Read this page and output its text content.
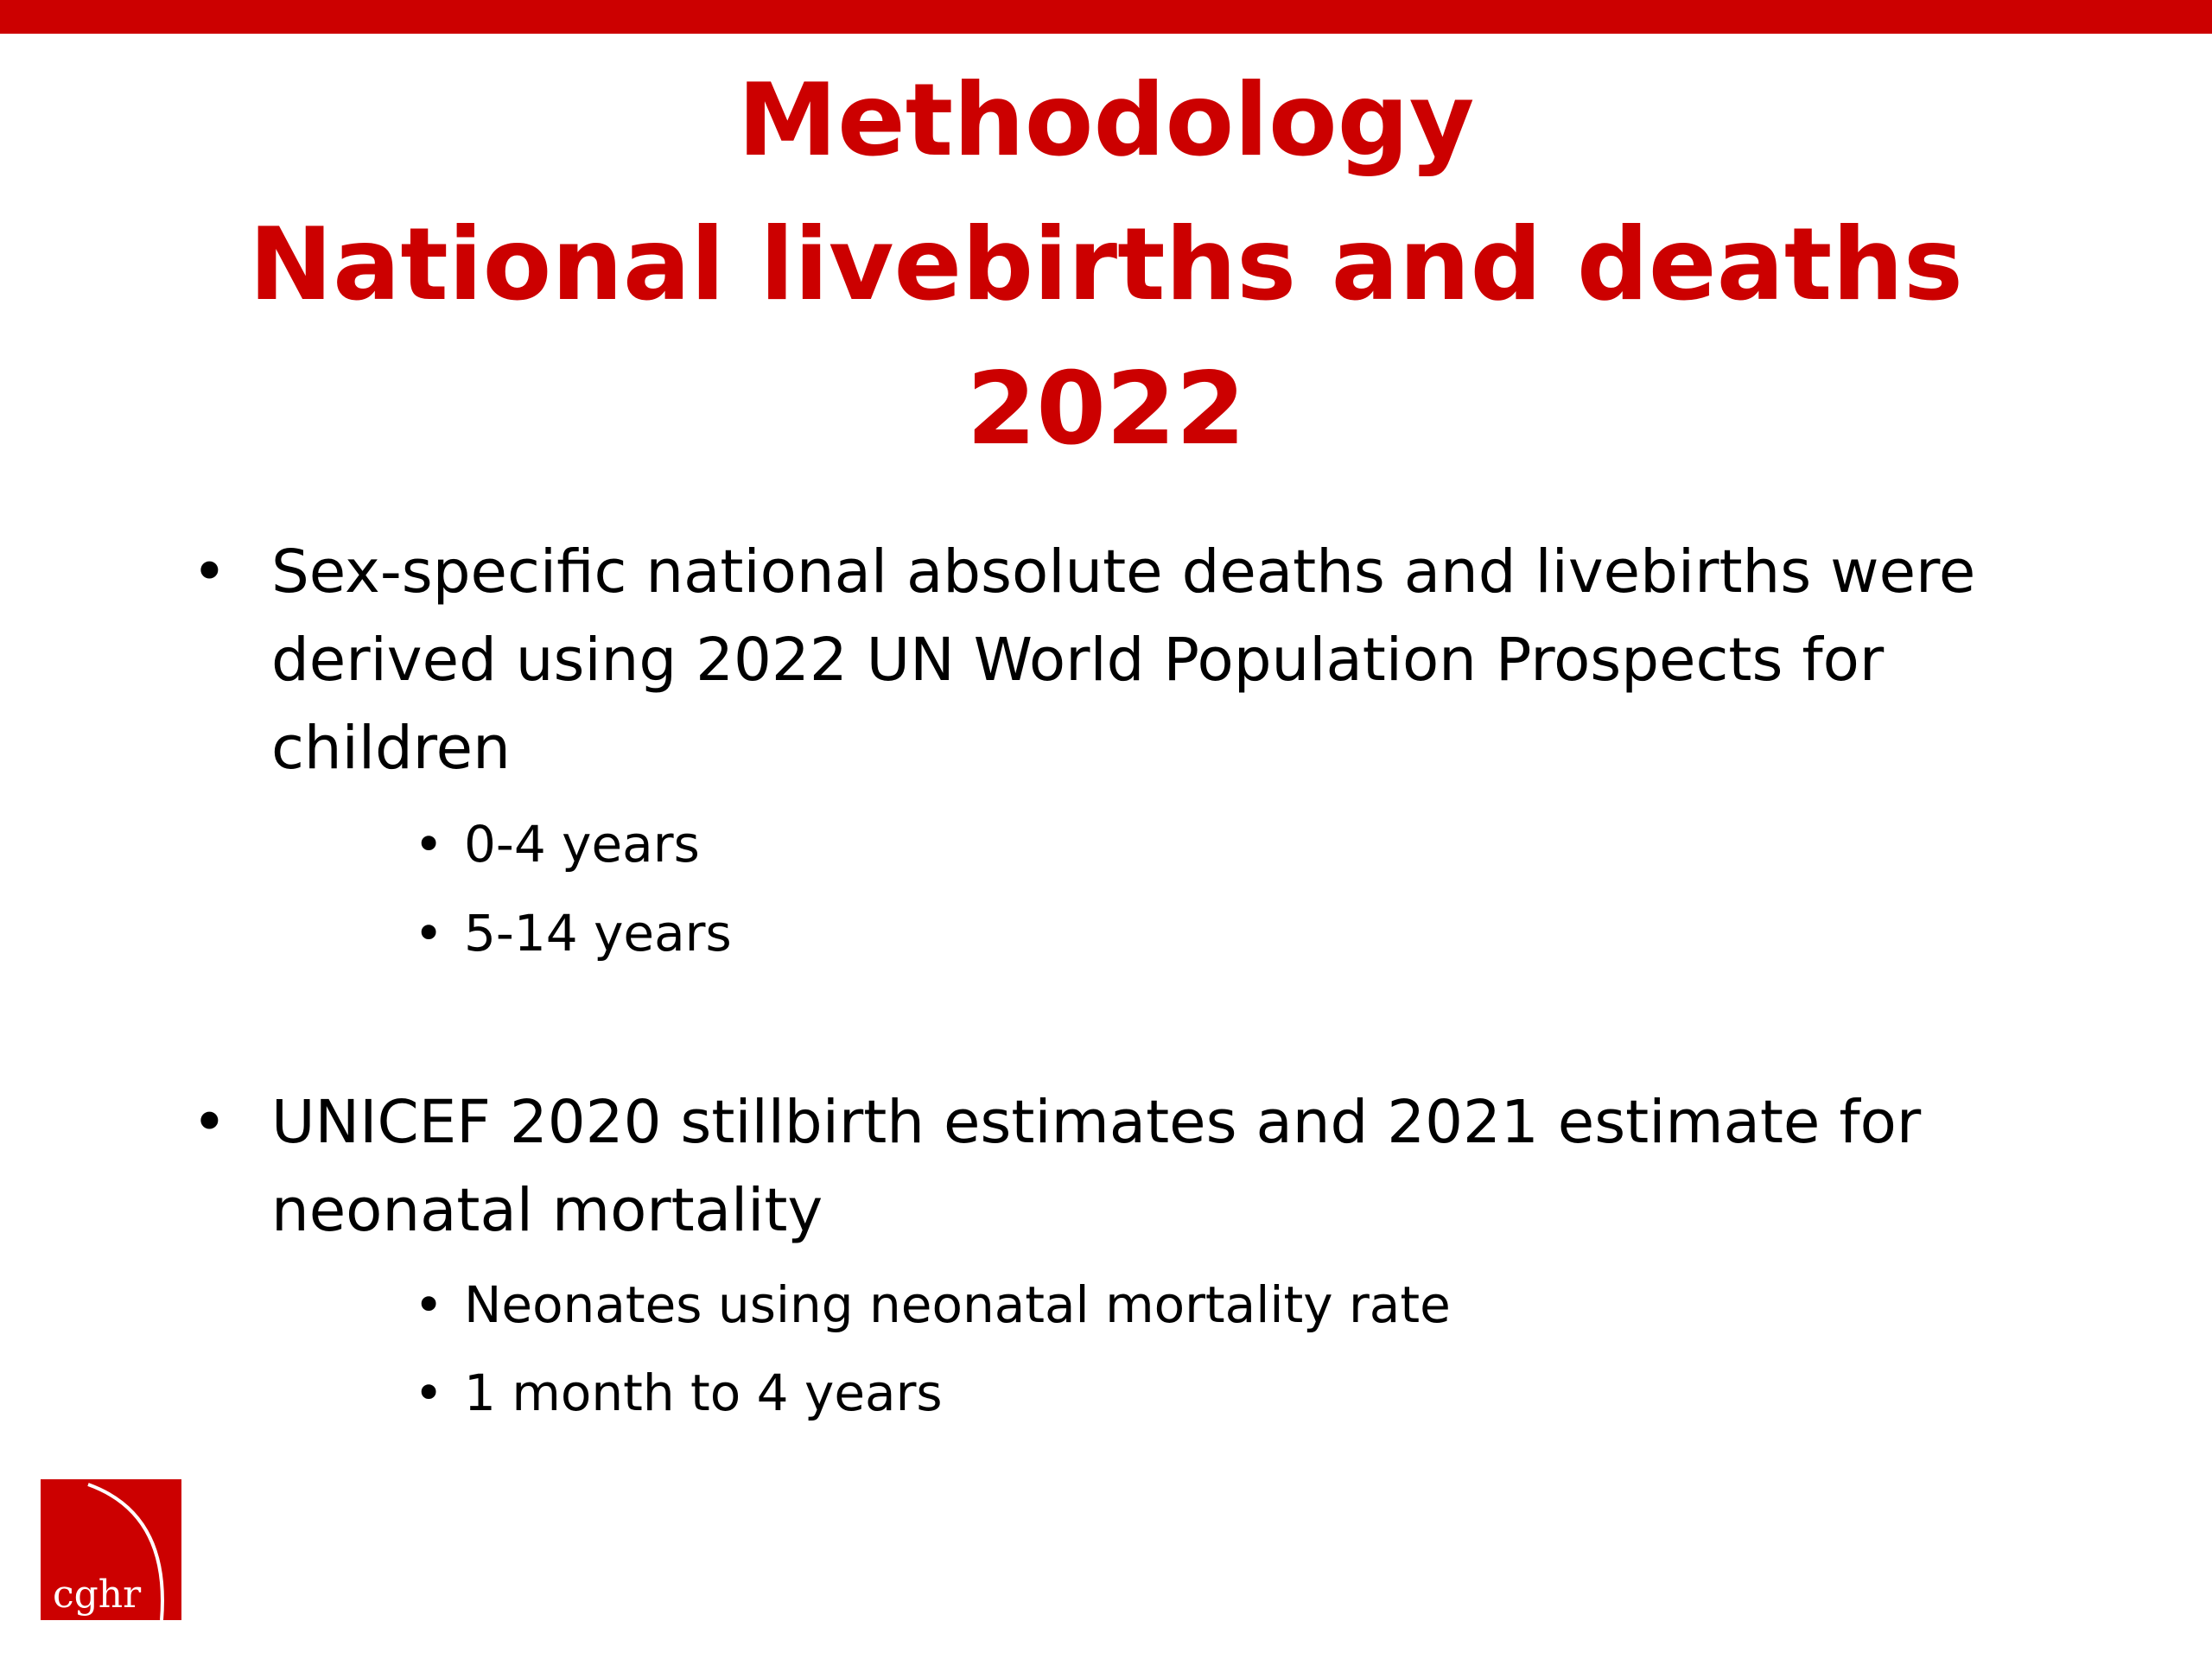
Methodology
National livebirths and deaths
2022
• Sex-specific national absolute deaths and livebirths were
derived using 2022 UN World Population Prospects for
children
• 0-4 years
• 5-14 years
• UNICEF 2020 stillbirth estimates and 2021 estimate for
neonatal mortality
• Neonates using neonatal mortality rate
• 1 month to 4 years
cghr
